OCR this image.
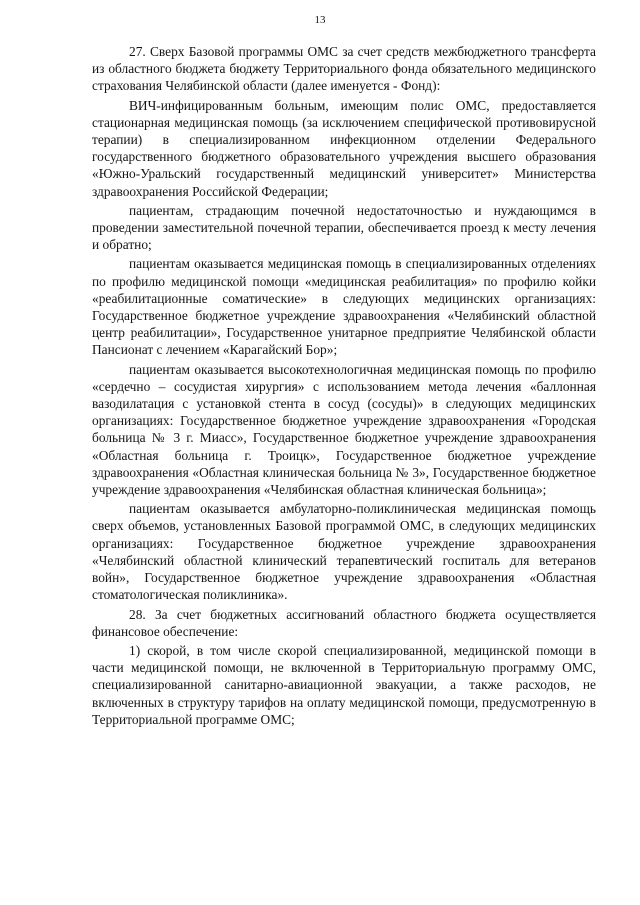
13

27. Сверх Базовой программы ОМС за счет средств межбюджетного трансферта из областного бюджета бюджету Территориального фонда обязательного медицинского страхования Челябинской области (далее именуется - Фонд):

ВИЧ-инфицированным больным, имеющим полис ОМС, предоставляется стационарная медицинская помощь (за исключением специфической противовирусной терапии) в специализированном инфекционном отделении Федерального государственного бюджетного образовательного учреждения высшего образования «Южно-Уральский государственный медицинский университет» Министерства здравоохранения Российской Федерации;

пациентам, страдающим почечной недостаточностью и нуждающимся в проведении заместительной почечной терапии, обеспечивается проезд к месту лечения и обратно;

пациентам оказывается медицинская помощь в специализированных отделениях по профилю медицинской помощи «медицинская реабилитация» по профилю койки «реабилитационные соматические» в следующих медицинских организациях: Государственное бюджетное учреждение здравоохранения «Челябинский областной центр реабилитации», Государственное унитарное предприятие Челябинской области Пансионат с лечением «Карагайский Бор»;

пациентам оказывается высокотехнологичная медицинская помощь по профилю «сердечно – сосудистая хирургия» с использованием метода лечения «баллонная вазодилатация с установкой стента в сосуд (сосуды)» в следующих медицинских организациях: Государственное бюджетное учреждение здравоохранения «Городская больница № 3 г. Миасс», Государственное бюджетное учреждение здравоохранения «Областная больница г. Троицк», Государственное бюджетное учреждение здравоохранения «Областная клиническая больница № 3», Государственное бюджетное учреждение здравоохранения «Челябинская областная клиническая больница»;

пациентам оказывается амбулаторно-поликлиническая медицинская помощь сверх объемов, установленных Базовой программой ОМС, в следующих медицинских организациях: Государственное бюджетное учреждение здравоохранения «Челябинский областной клинический терапевтический госпиталь для ветеранов войн», Государственное бюджетное учреждение здравоохранения «Областная стоматологическая поликлиника».

28. За счет бюджетных ассигнований областного бюджета осуществляется финансовое обеспечение:

1) скорой, в том числе скорой специализированной, медицинской помощи в части медицинской помощи, не включенной в Территориальную программу ОМС, специализированной санитарно-авиационной эвакуации, а также расходов, не включенных в структуру тарифов на оплату медицинской помощи, предусмотренную в Территориальной программе ОМС;
